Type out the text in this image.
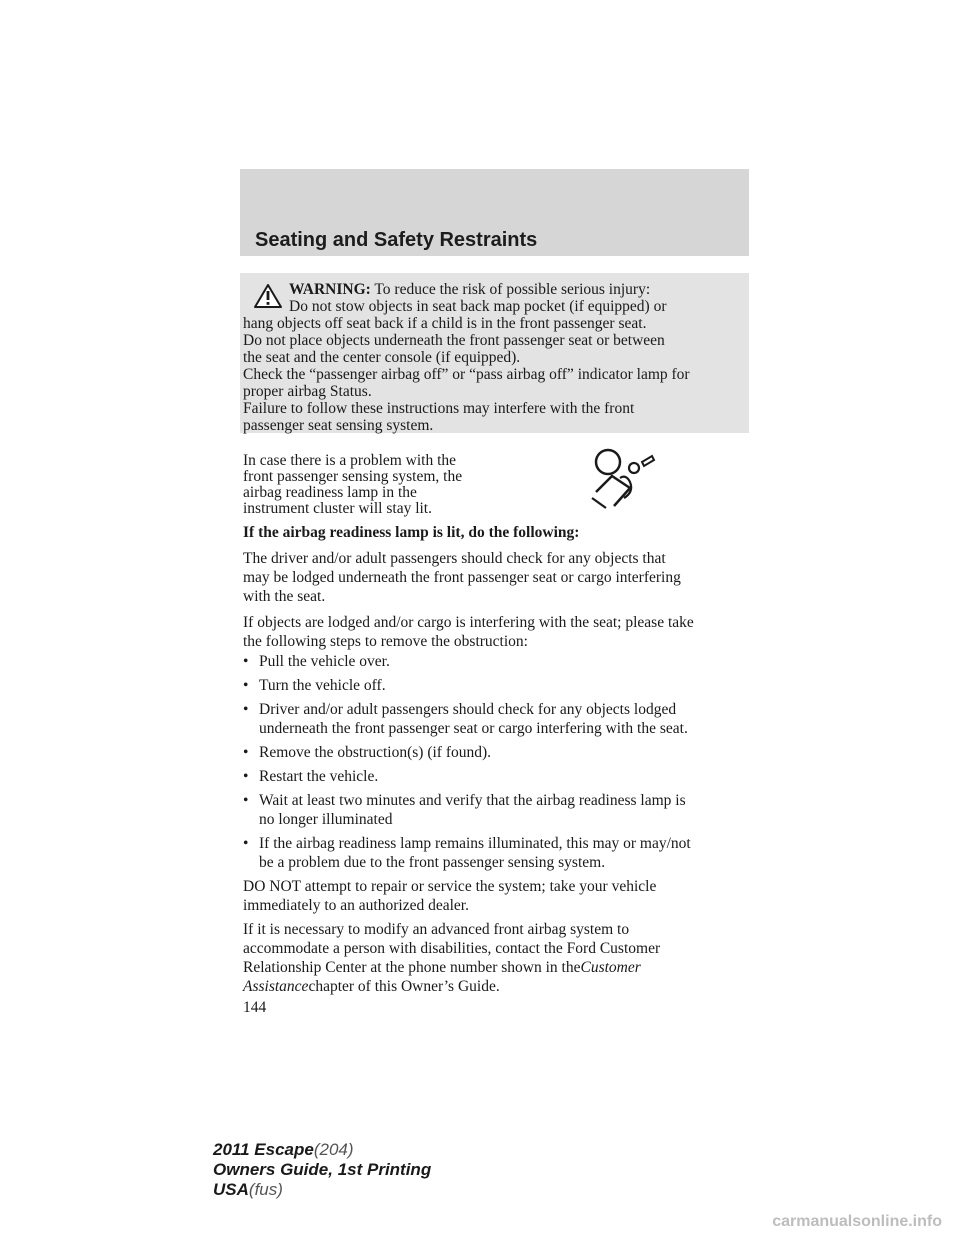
Seating and Safety Restraints
WARNING: To reduce the risk of possible serious injury:
Do not stow objects in seat back map pocket (if equipped) or
hang objects off seat back if a child is in the front passenger seat.
Do not place objects underneath the front passenger seat or between
the seat and the center console (if equipped).
Check the “passenger airbag off” or “pass airbag off” indicator lamp for
proper airbag Status.
Failure to follow these instructions may interfere with the front
In case there is a problem with the
front passenger sensing system, the
airbag readiness lamp in the
instrument cluster will stay lit.
If the airbag readiness lamp is lit, do the following:
The driver and/or adult passengers should check for any objects that
may be lodged underneath the front passenger seat or cargo interfering
with the seat.
If objects are lodged and/or cargo is interfering with the seat; please take
the following steps to remove the obstruction:
• Pull the vehicle over.
• Turn the vehicle off.
• Driver and/or adult passengers should check for any objects lodged
underneath the front passenger seat or cargo interfering with the seat.
• Remove the obstruction(s) (if found).
• Restart the vehicle.
• Wait at least two minutes and verify that the airbag readiness lamp is
no longer illuminated
• If the airbag readiness lamp remains illuminated, this may or may/not
be a problem due to the front passenger sensing system.
DO NOT attempt to repair or service the system; take your vehicle
immediately to an authorized dealer.
If it is necessary to modify an advanced front airbag system to
accommodate a person with disabilities, contact the Ford Customer
Relationship Center at the phone number shown in theCustomer
Assistancechapter of this Owner’s Guide.
144
2011 Escape(204)
Owners Guide, 1st Printing
USA(fus)
carmanualsonline.info
passenger seat sensing system.
